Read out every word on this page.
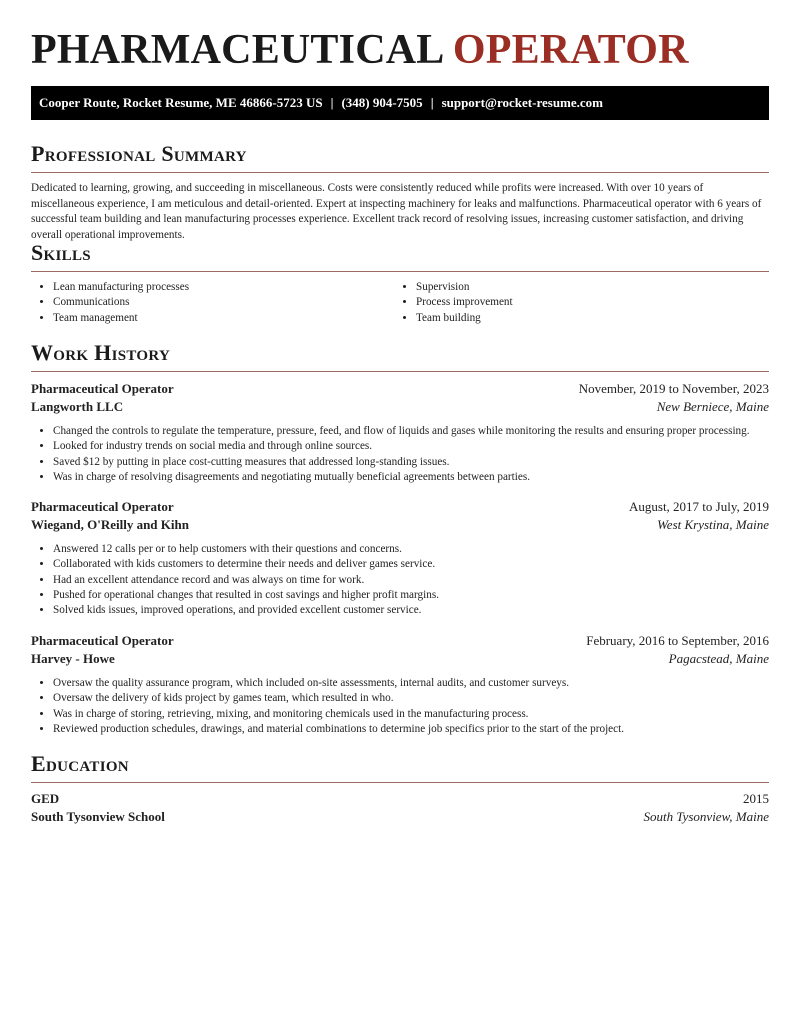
PHARMACEUTICAL OPERATOR
Cooper Route, Rocket Resume, ME 46866-5723 US | (348) 904-7505 | support@rocket-resume.com
Professional Summary

Dedicated to learning, growing, and succeeding in miscellaneous. Costs were consistently reduced while profits were increased. With over 10 years of miscellaneous experience, I am meticulous and detail-oriented. Expert at inspecting machinery for leaks and malfunctions. Pharmaceutical operator with 6 years of successful team building and lean manufacturing processes experience. Excellent track record of resolving issues, increasing customer satisfaction, and driving overall operational improvements.

Skills
• Lean manufacturing processes
• Communications
• Team management
• Supervision
• Process improvement
• Team building
Work History
Pharmaceutical Operator	November, 2019 to November, 2023
Langworth LLC	New Berniece, Maine
• Changed the controls to regulate the temperature, pressure, feed, and flow of liquids and gases while monitoring the results and ensuring proper processing.
• Looked for industry trends on social media and through online sources.
• Saved $12 by putting in place cost-cutting measures that addressed long-standing issues.
• Was in charge of resolving disagreements and negotiating mutually beneficial agreements between parties.
Pharmaceutical Operator	August, 2017 to July, 2019
Wiegand, O'Reilly and Kihn	West Krystina, Maine
• Answered 12 calls per or to help customers with their questions and concerns.
• Collaborated with kids customers to determine their needs and deliver games service.
• Had an excellent attendance record and was always on time for work.
• Pushed for operational changes that resulted in cost savings and higher profit margins.
• Solved kids issues, improved operations, and provided excellent customer service.
Pharmaceutical Operator	February, 2016 to September, 2016
Harvey - Howe	Pagacstead, Maine
• Oversaw the quality assurance program, which included on-site assessments, internal audits, and customer surveys.
• Oversaw the delivery of kids project by games team, which resulted in who.
• Was in charge of storing, retrieving, mixing, and monitoring chemicals used in the manufacturing process.
• Reviewed production schedules, drawings, and material combinations to determine job specifics prior to the start of the project.
Education
GED	2015
South Tysonview School	South Tysonview, Maine
